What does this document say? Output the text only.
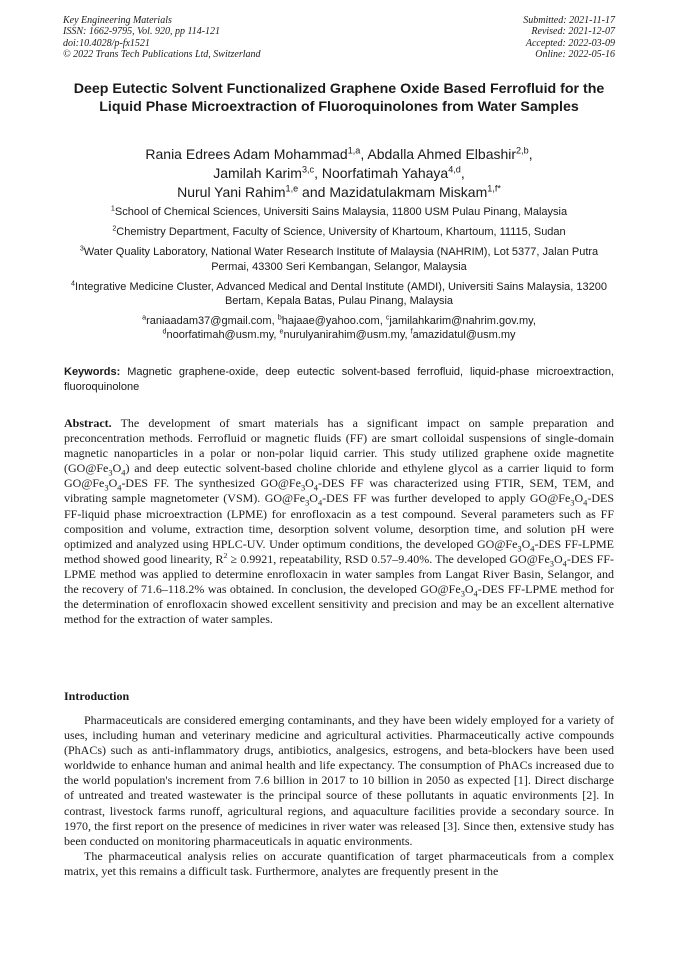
Key Engineering Materials
ISSN: 1662-9795, Vol. 920, pp 114-121
doi:10.4028/p-fx1521
© 2022 Trans Tech Publications Ltd, Switzerland
Submitted: 2021-11-17
Revised: 2021-12-07
Accepted: 2022-03-09
Online: 2022-05-16
Deep Eutectic Solvent Functionalized Graphene Oxide Based Ferrofluid for the Liquid Phase Microextraction of Fluoroquinolones from Water Samples
Rania Edrees Adam Mohammad$^{1,a}$, Abdalla Ahmed Elbashir$^{2,b}$,
Jamilah Karim$^{3,c}$, Noorfatimah Yahaya$^{4,d}$,
Nurul Yani Rahim$^{1,e}$ and Mazidatulakmam Miskam$^{1,f*}$
$^1$School of Chemical Sciences, Universiti Sains Malaysia, 11800 USM Pulau Pinang, Malaysia
$^2$Chemistry Department, Faculty of Science, University of Khartoum, Khartoum, 11115, Sudan
$^3$Water Quality Laboratory, National Water Research Institute of Malaysia (NAHRIM), Lot 5377, Jalan Putra Permai, 43300 Seri Kembangan, Selangor, Malaysia
$^4$Integrative Medicine Cluster, Advanced Medical and Dental Institute (AMDI), Universiti Sains Malaysia, 13200 Bertam, Kepala Batas, Pulau Pinang, Malaysia
$^a$raniaadam37@gmail.com, $^b$hajaae@yahoo.com, $^c$jamilahkarim@nahrim.gov.my,
$^d$noorfatimah@usm.my, $^e$nurulyanirahim@usm.my, $^f$amazidatul@usm.my
Keywords: Magnetic graphene-oxide, deep eutectic solvent-based ferrofluid, liquid-phase microextraction, fluoroquinolone
Abstract. The development of smart materials has a significant impact on sample preparation and preconcentration methods. Ferrofluid or magnetic fluids (FF) are smart colloidal suspensions of single-domain magnetic nanoparticles in a polar or non-polar liquid carrier. This study utilized graphene oxide magnetite $(GO@Fe_3O_4)$ and deep eutectic solvent-based choline chloride and ethylene glycol as a carrier liquid to form $GO@Fe_3O_4$-DES FF. The synthesized $GO@Fe_3O_4$-DES FF was characterized using FTIR, SEM, TEM, and vibrating sample magnetometer (VSM). $GO@Fe_3O_4$-DES FF was further developed to apply $GO@Fe_3O_4$-DES FF-liquid phase microextraction (LPME) for enrofloxacin as a test compound. Several parameters such as FF composition and volume, extraction time, desorption solvent volume, desorption time, and solution pH were optimized and analyzed using HPLC-UV. Under optimum conditions, the developed $GO@Fe_3O_4$-DES FF-LPME method showed good linearity, $R^2 \ge 0.9921$, repeatability, RSD 0.57–9.40%. The developed $GO@Fe_3O_4$-DES FF-LPME method was applied to determine enrofloxacin in water samples from Langat River Basin, Selangor, and the recovery of 71.6–118.2% was obtained. In conclusion, the developed $GO@Fe_3O_4$-DES FF-LPME method for the determination of enrofloxacin showed excellent sensitivity and precision and may be an excellent alternative method for the extraction of water samples.
Introduction

Pharmaceuticals are considered emerging contaminants, and they have been widely employed for a variety of uses, including human and veterinary medicine and agricultural activities. Pharmaceutically active compounds (PhACs) such as anti-inflammatory drugs, antibiotics, analgesics, estrogens, and beta-blockers have been used worldwide to enhance human and animal health and life expectancy. The consumption of PhACs increased due to the world population's increment from 7.6 billion in 2017 to 10 billion in 2050 as expected [1]. Direct discharge of untreated and treated wastewater is the principal source of these pollutants in aquatic environments [2]. In contrast, livestock farms runoff, agricultural regions, and aquaculture facilities provide a secondary source. In 1970, the first report on the presence of medicines in river water was released [3]. Since then, extensive study has been conducted on monitoring pharmaceuticals in aquatic environments.

The pharmaceutical analysis relies on accurate quantification of target pharmaceuticals from a complex matrix, yet this remains a difficult task. Furthermore, analytes are frequently present in the
